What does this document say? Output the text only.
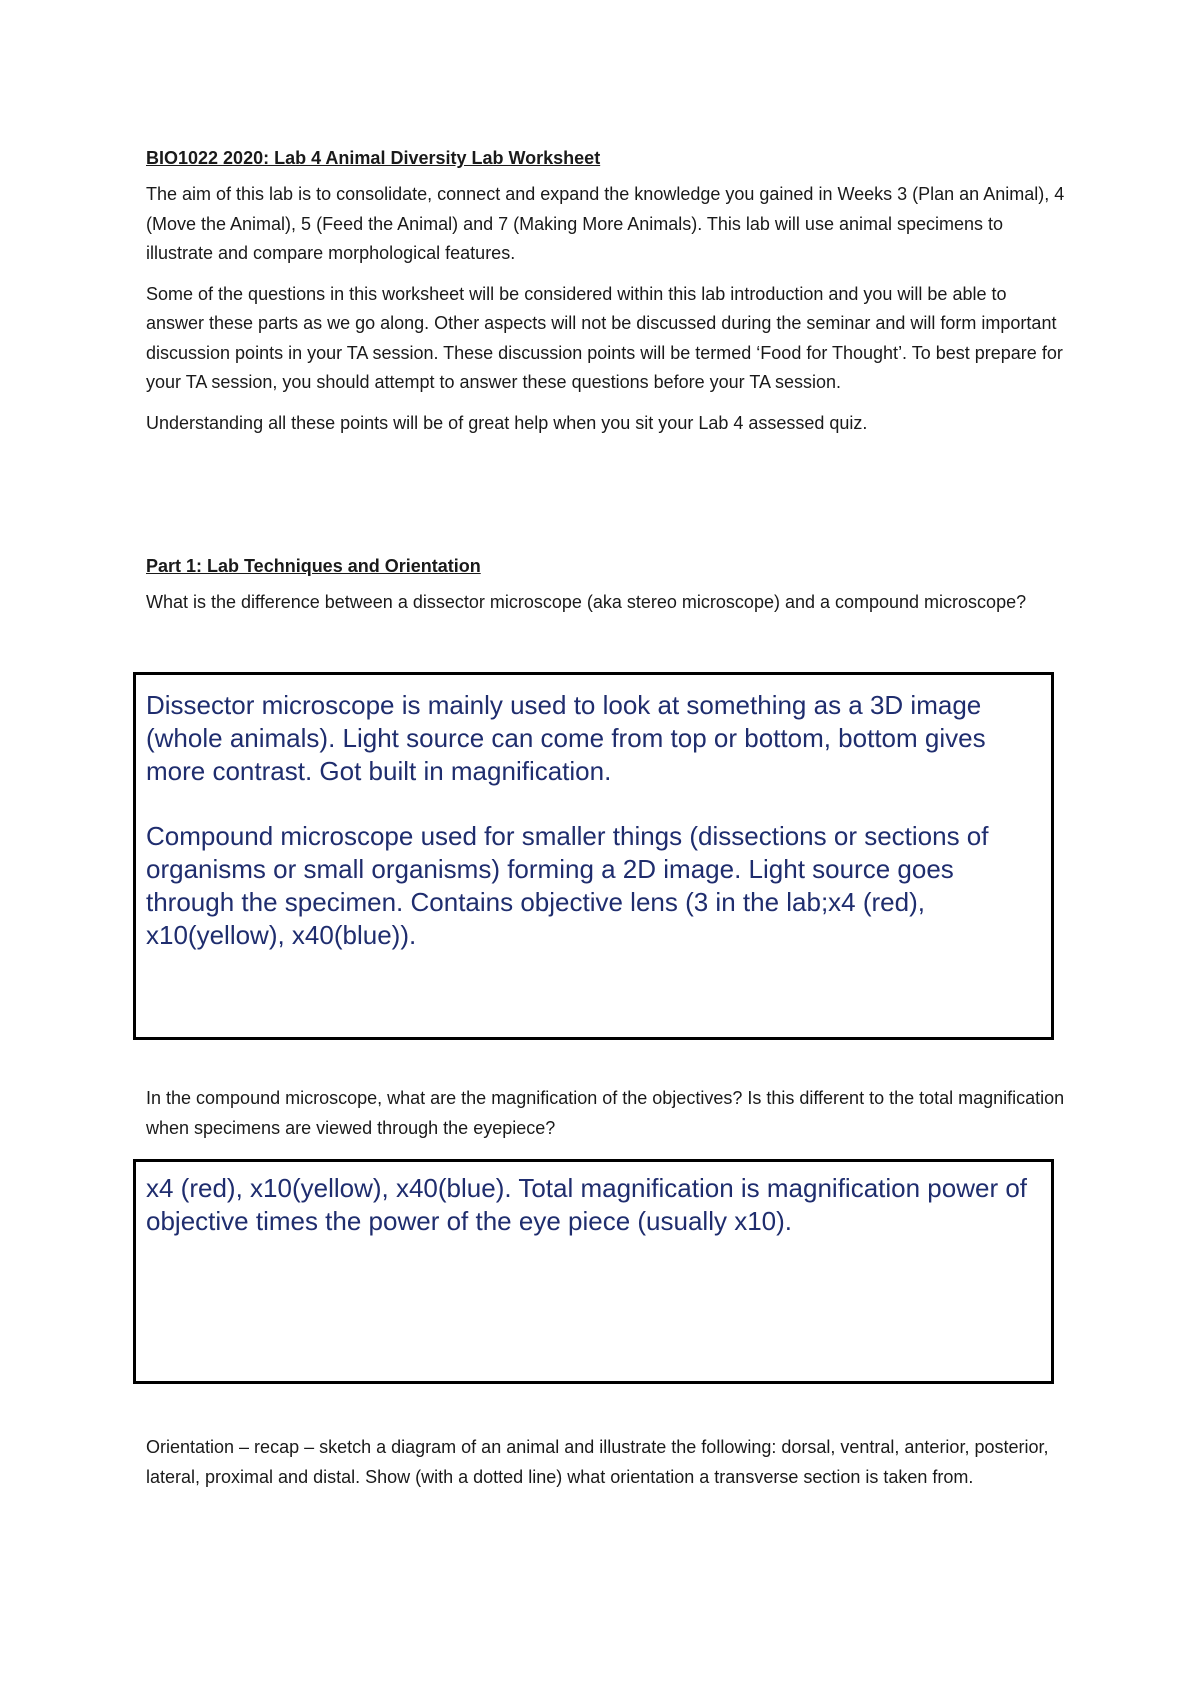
BIO1022 2020: Lab 4 Animal Diversity Lab Worksheet

The aim of this lab is to consolidate, connect and expand the knowledge you gained in Weeks 3 (Plan an Animal), 4 (Move the Animal), 5 (Feed the Animal) and 7 (Making More Animals). This lab will use animal specimens to illustrate and compare morphological features.

Some of the questions in this worksheet will be considered within this lab introduction and you will be able to answer these parts as we go along. Other aspects will not be discussed during the seminar and will form important discussion points in your TA session. These discussion points will be termed ‘Food for Thought’. To best prepare for your TA session, you should attempt to answer these questions before your TA session.

Understanding all these points will be of great help when you sit your Lab 4 assessed quiz.

Part 1: Lab Techniques and Orientation

What is the difference between a dissector microscope (aka stereo microscope) and a compound microscope?

Dissector microscope is mainly used to look at something as a 3D image (whole animals). Light source can come from top or bottom, bottom gives more contrast. Got built in magnification.
Compound microscope used for smaller things (dissections or sections of organisms or small organisms) forming a 2D image. Light source goes through the specimen. Contains objective lens (3 in the lab;x4 (red), x10(yellow), x40(blue)).

In the compound microscope, what are the magnification of the objectives? Is this different to the total magnification when specimens are viewed through the eyepiece?

x4 (red), x10(yellow), x40(blue). Total magnification is magnification power of objective times the power of the eye piece (usually x10).

Orientation – recap – sketch a diagram of an animal and illustrate the following: dorsal, ventral, anterior, posterior, lateral, proximal and distal. Show (with a dotted line) what orientation a transverse section is taken from.
